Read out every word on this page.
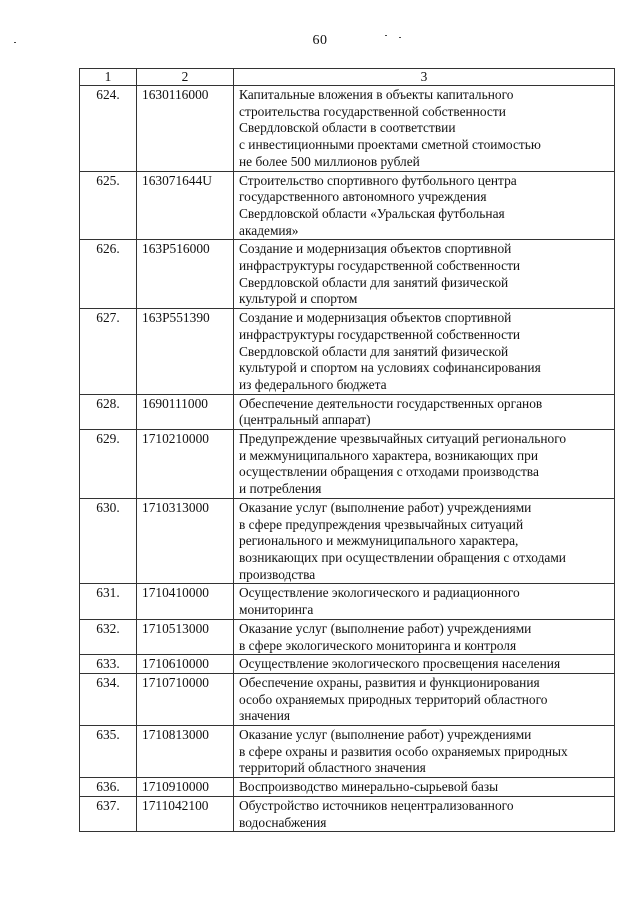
60
1	2	3
624.	1630116000	Капитальные вложения в объекты капитального
строительства государственной собственности
Свердловской области в соответствии
с инвестиционными проектами сметной стоимостью
не более 500 миллионов рублей

625.	163071644U	Строительство спортивного футбольного центра
государственного автономного учреждения
Свердловской области «Уральская футбольная
академия»

626.	163P516000	Создание и модернизация объектов спортивной
инфраструктуры государственной собственности
Свердловской области для занятий физической
культурой и спортом

627.	163P551390	Создание и модернизация объектов спортивной
инфраструктуры государственной собственности
Свердловской области для занятий физической
культурой и спортом на условиях софинансирования
из федерального бюджета

628.	1690111000	Обеспечение деятельности государственных органов
(центральный аппарат)

629.	1710210000	Предупреждение чрезвычайных ситуаций регионального
и межмуниципального характера, возникающих при
осуществлении обращения с отходами производства
и потребления

630.	1710313000	Оказание услуг (выполнение работ) учреждениями
в сфере предупреждения чрезвычайных ситуаций
регионального и межмуниципального характера,
возникающих при осуществлении обращения с отходами
производства

631.	1710410000	Осуществление экологического и радиационного
мониторинга

632.	1710513000	Оказание услуг (выполнение работ) учреждениями
в сфере экологического мониторинга и контроля

633.	1710610000	Осуществление экологического просвещения населения

634.	1710710000	Обеспечение охраны, развития и функционирования
особо охраняемых природных территорий областного
значения

635.	1710813000	Оказание услуг (выполнение работ) учреждениями
в сфере охраны и развития особо охраняемых природных
территорий областного значения

636.	1710910000	Воспроизводство минерально-сырьевой базы

637.	1711042100	Обустройство источников нецентрализованного
водоснабжения
